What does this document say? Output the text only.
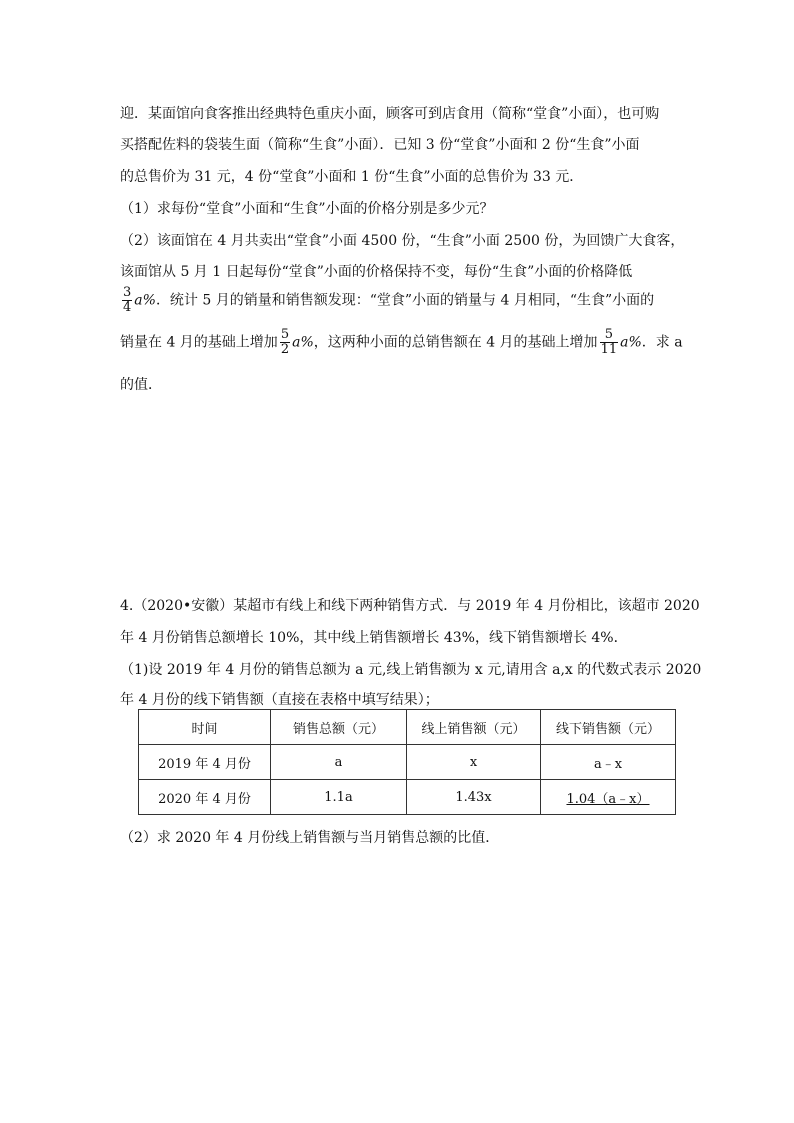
迎．某面馆向食客推出经典特色重庆小面，顾客可到店食用（简称“堂食”小面），也可购
买搭配佐料的袋装生面（简称“生食”小面）．已知 3 份“堂食”小面和 2 份“生食”小面
的总售价为 31 元，4 份“堂食”小面和 1 份“生食”小面的总售价为 33 元．
（1）求每份“堂食”小面和“生食”小面的价格分别是多少元？
（2）该面馆在 4 月共卖出“堂食”小面 4500 份，“生食”小面 2500 份，为回馈广大食客，
该面馆从 5 月 1 日起每份“堂食”小面的价格保持不变，每份“生食”小面的价格降低
$\frac{3}{4} a\%$．统计 5 月的销量和销售额发现：“堂食”小面的销量与 4 月相同，“生食”小面的
销量在 4 月的基础上增加 $\frac{5}{2} a\%$，这两种小面的总销售额在 4 月的基础上增加 $\frac{5}{11} a\%$．求 a
的值．
4.（2020•安徽）某超市有线上和线下两种销售方式．与 2019 年 4 月份相比，该超市 2020
年 4 月份销售总额增长 10%，其中线上销售额增长 43%，线下销售额增长 4%．
（1)设 2019 年 4 月份的销售总额为 a 元,线上销售额为 x 元,请用含 a,x 的代数式表示 2020
年 4 月份的线下销售额（直接在表格中填写结果）；
时间	销售总额（元）	线上销售额（元）	线下销售额（元）
2019 年 4 月份	a	x	a﹣x
2020 年 4 月份	1.1a	1.43x	1.04（a﹣x）
（2）求 2020 年 4 月份线上销售额与当月销售总额的比值．
